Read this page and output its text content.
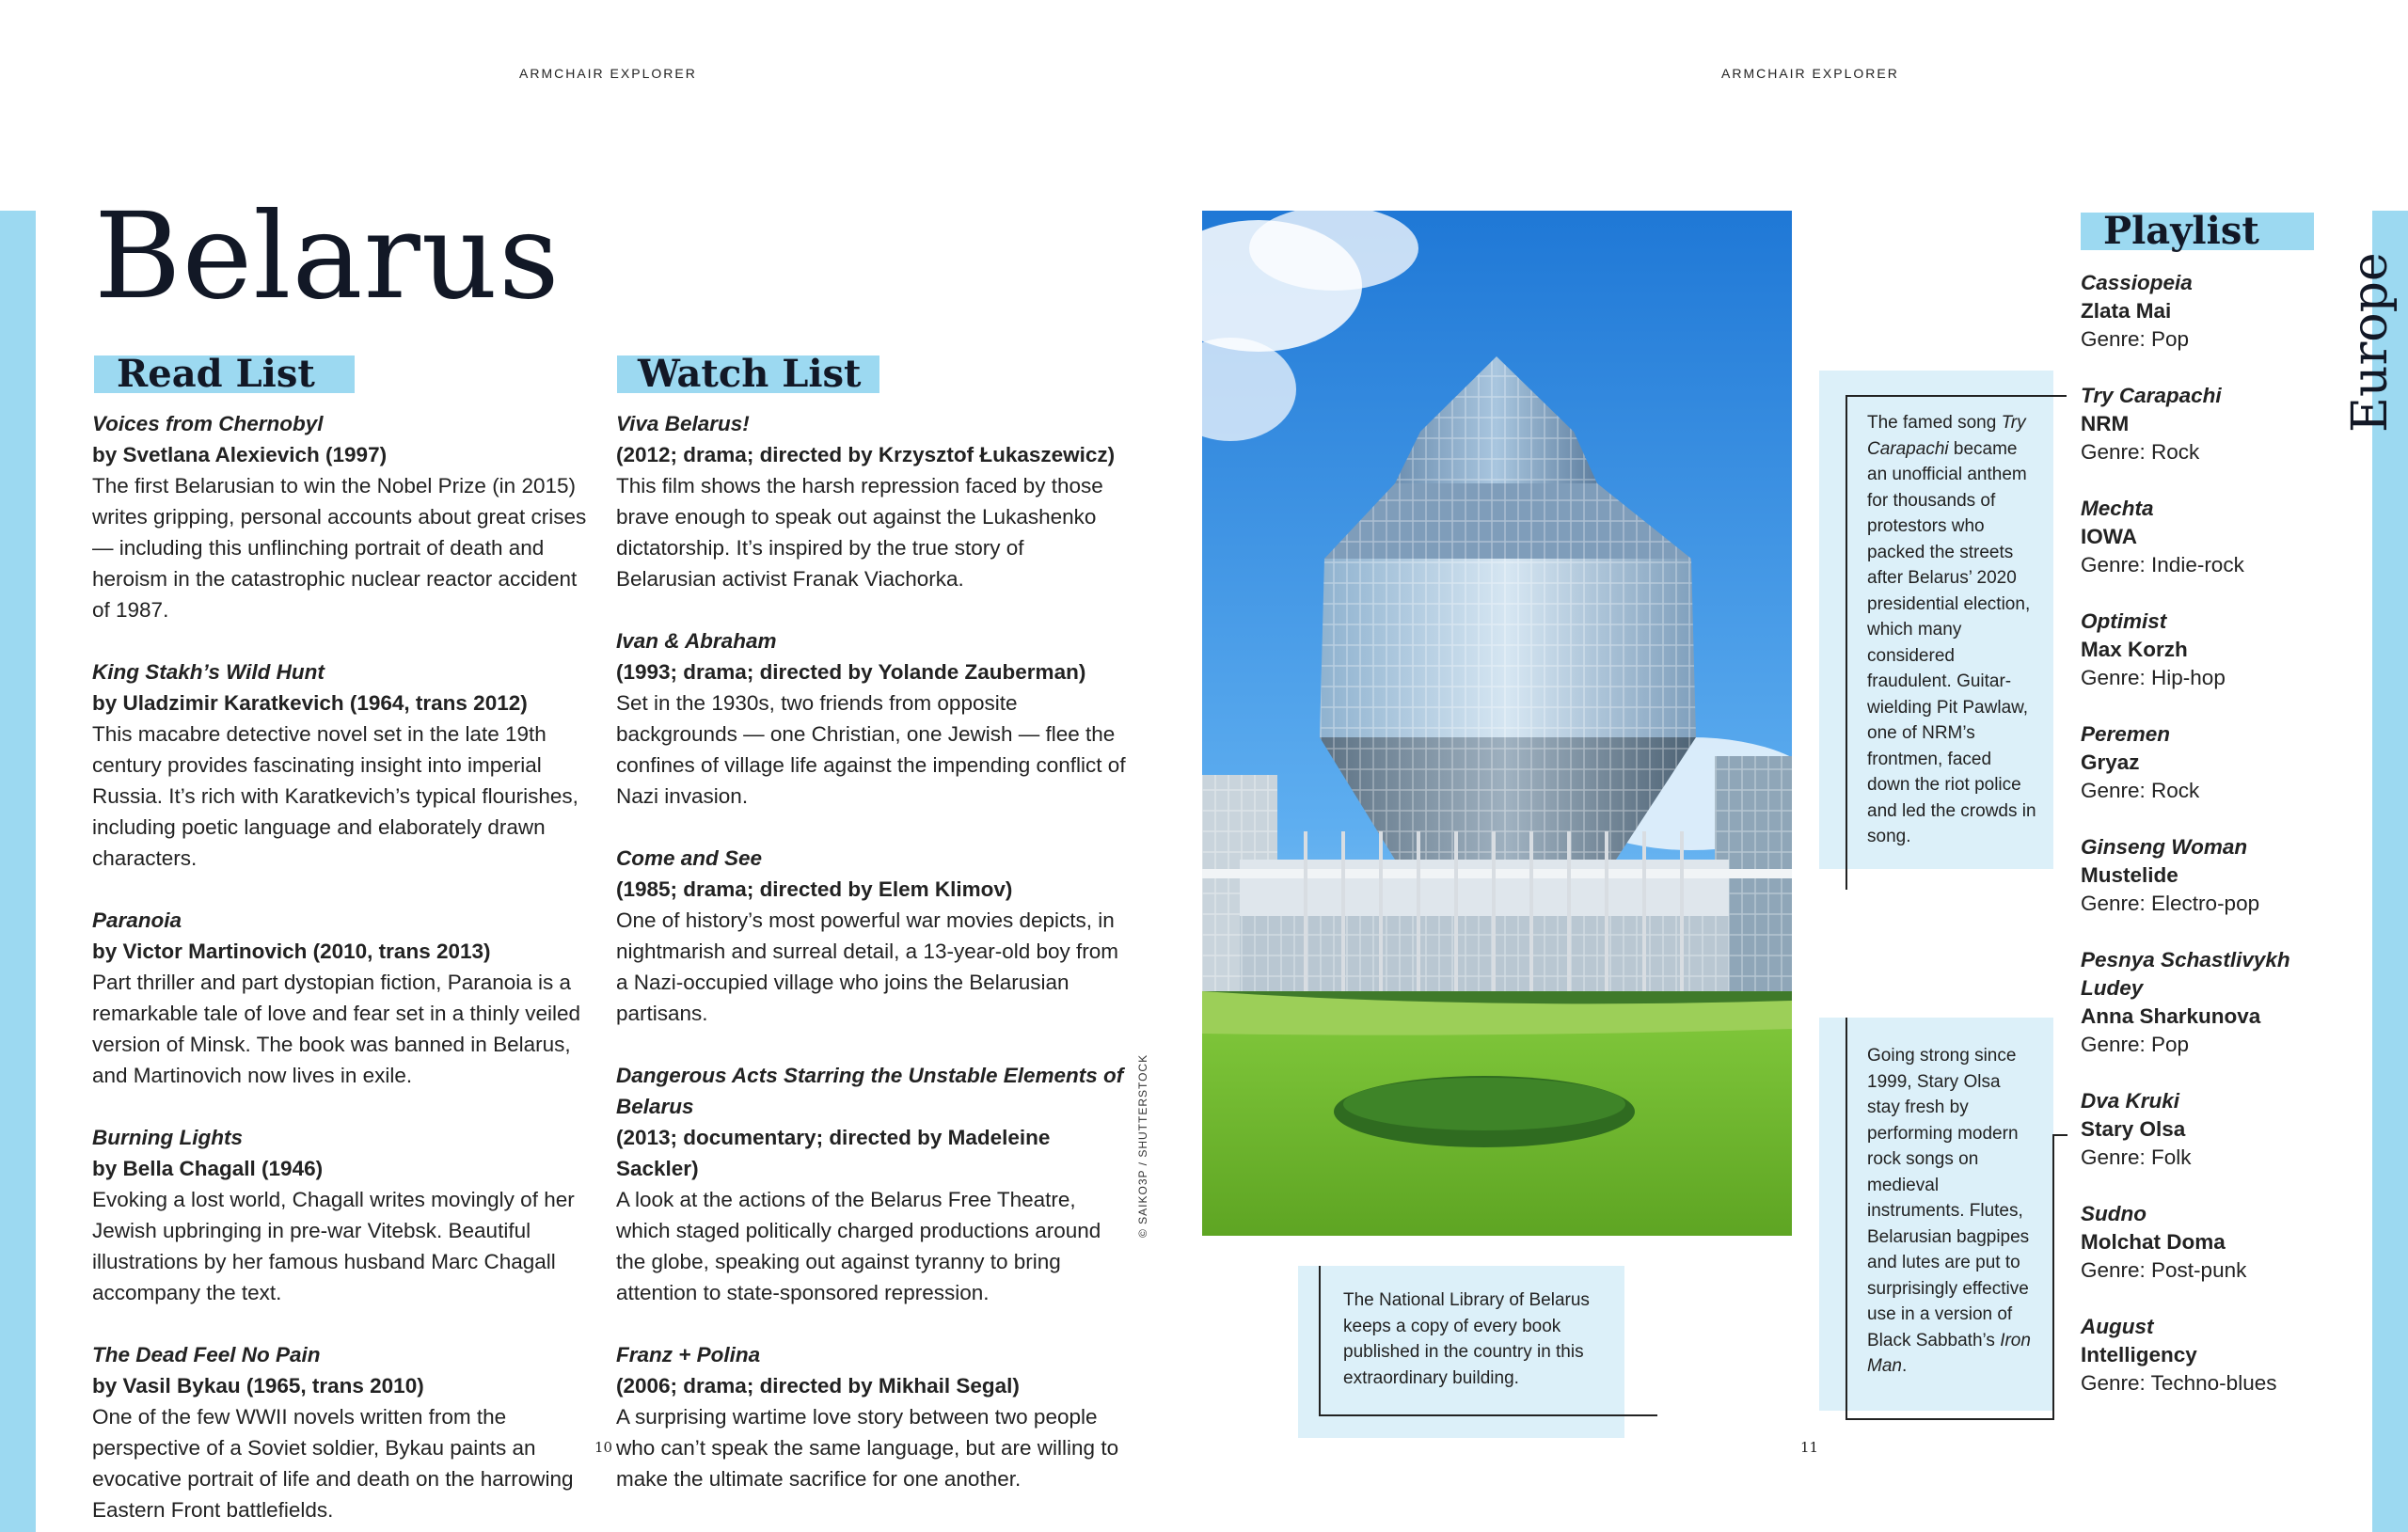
ARMCHAIR EXPLORER	ARMCHAIR EXPLORER
Belarus
Read List	Watch List
Voices from Chernobyl
by Svetlana Alexievich (1997)
The first Belarusian to win the Nobel Prize (in 2015) writes gripping, personal accounts about great crises — including this unflinching portrait of death and heroism in the catastrophic nuclear reactor accident of 1987.
King Stakh’s Wild Hunt
by Uladzimir Karatkevich (1964, trans 2012)
This macabre detective novel set in the late 19th century provides fascinating insight into imperial Russia. It’s rich with Karatkevich’s typical flourishes, including poetic language and elaborately drawn characters.
Paranoia
by Victor Martinovich (2010, trans 2013)
Part thriller and part dystopian fiction, Paranoia is a remarkable tale of love and fear set in a thinly veiled version of Minsk. The book was banned in Belarus, and Martinovich now lives in exile.
Burning Lights
by Bella Chagall (1946)
Evoking a lost world, Chagall writes movingly of her Jewish upbringing in pre-war Vitebsk. Beautiful illustrations by her famous husband Marc Chagall accompany the text.
The Dead Feel No Pain
by Vasil Bykau (1965, trans 2010)
One of the few WWII novels written from the perspective of a Soviet soldier, Bykau paints an evocative portrait of life and death on the harrowing Eastern Front battlefields.
Viva Belarus!
(2012; drama; directed by Krzysztof Łukaszewicz)
This film shows the harsh repression faced by those brave enough to speak out against the Lukashenko dictatorship. It’s inspired by the true story of Belarusian activist Franak Viachorka.
Ivan & Abraham
(1993; drama; directed by Yolande Zauberman)
Set in the 1930s, two friends from opposite backgrounds — one Christian, one Jewish — flee the confines of village life against the impending conflict of Nazi invasion.
Come and See
(1985; drama; directed by Elem Klimov)
One of history’s most powerful war movies depicts, in nightmarish and surreal detail, a 13-year-old boy from a Nazi-occupied village who joins the Belarusian partisans.
Dangerous Acts Starring the Unstable Elements of Belarus
(2013; documentary; directed by Madeleine Sackler)
A look at the actions of the Belarus Free Theatre, which staged politically charged productions around the globe, speaking out against tyranny to bring attention to state-sponsored repression.
Franz + Polina
(2006; drama; directed by Mikhail Segal)
A surprising wartime love story between two people who can’t speak the same language, but are willing to make the ultimate sacrifice for one another.
© SAIKO3P / SHUTTERSTOCK
The National Library of Belarus keeps a copy of every book published in the country in this extraordinary building.
The famed song Try Carapachi became an unofficial anthem for thousands of protestors who packed the streets after Belarus’ 2020 presidential election, which many considered fraudulent. Guitar-wielding Pit Pawlaw, one of NRM’s frontmen, faced down the riot police and led the crowds in song.
Going strong since 1999, Stary Olsa stay fresh by performing modern rock songs on medieval instruments. Flutes, Belarusian bagpipes and lutes are put to surprisingly effective use in a version of Black Sabbath’s Iron Man.
Playlist
Cassiopeia
Zlata Mai
Genre: Pop
Try Carapachi
NRM
Genre: Rock
Mechta
IOWA
Genre: Indie-rock
Optimist
Max Korzh
Genre: Hip-hop
Peremen
Gryaz
Genre: Rock
Ginseng Woman
Mustelide
Genre: Electro-pop
Pesnya Schastlivykh Ludey
Anna Sharkunova
Genre: Pop
Dva Kruki
Stary Olsa
Genre: Folk
Sudno
Molchat Doma
Genre: Post-punk
August
Intelligency
Genre: Techno-blues
Europe
10	11
